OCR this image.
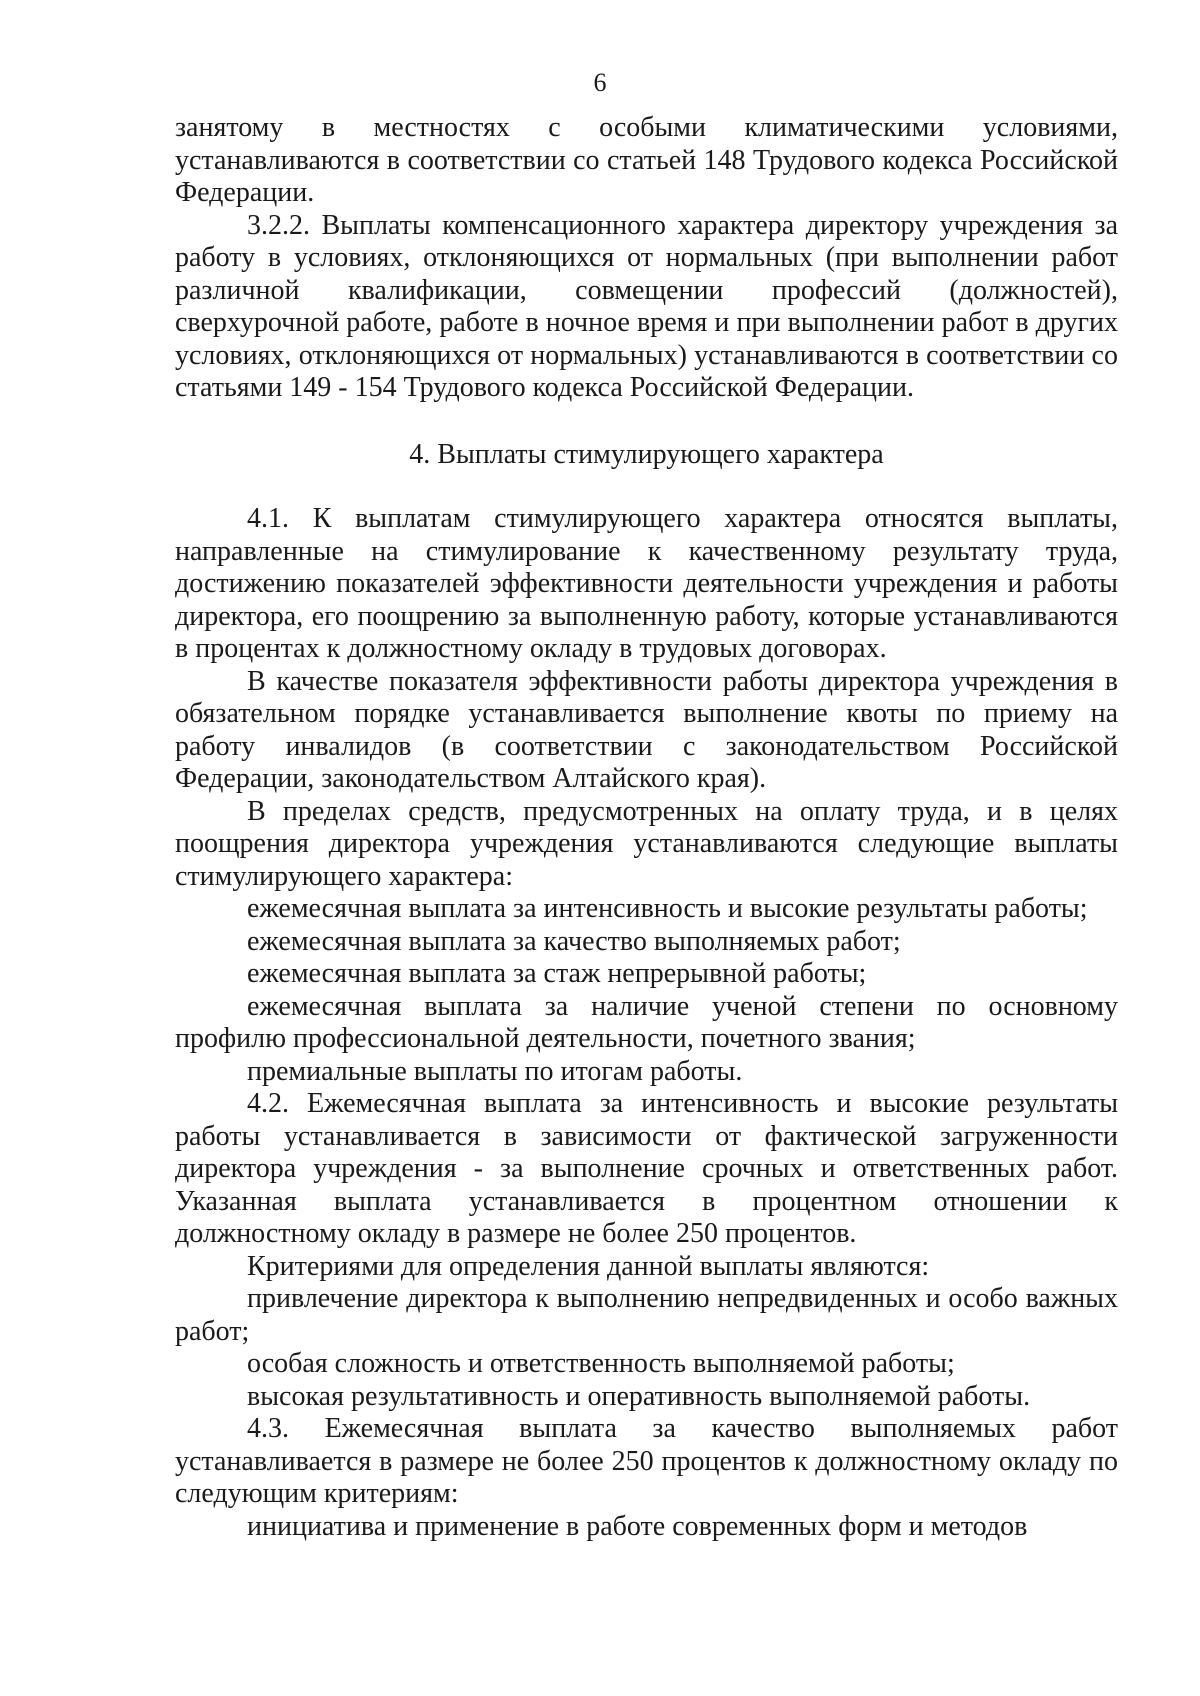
6

занятому в местностях с особыми климатическими условиями, устанавливаются в соответствии со статьей 148 Трудового кодекса Российской Федерации.

3.2.2. Выплаты компенсационного характера директору учреждения за работу в условиях, отклоняющихся от нормальных (при выполнении работ различной квалификации, совмещении профессий (должностей), сверхурочной работе, работе в ночное время и при выполнении работ в других условиях, отклоняющихся от нормальных) устанавливаются в соответствии со статьями 149 - 154 Трудового кодекса Российской Федерации.

4. Выплаты стимулирующего характера

4.1. К выплатам стимулирующего характера относятся выплаты, направленные на стимулирование к качественному результату труда, достижению показателей эффективности деятельности учреждения и работы директора, его поощрению за выполненную работу, которые устанавливаются в процентах к должностному окладу в трудовых договорах.

В качестве показателя эффективности работы директора учреждения в обязательном порядке устанавливается выполнение квоты по приему на работу инвалидов (в соответствии с законодательством Российской Федерации, законодательством Алтайского края).

В пределах средств, предусмотренных на оплату труда, и в целях поощрения директора учреждения устанавливаются следующие выплаты стимулирующего характера:

ежемесячная выплата за интенсивность и высокие результаты работы;

ежемесячная выплата за качество выполняемых работ;

ежемесячная выплата за стаж непрерывной работы;

ежемесячная выплата за наличие ученой степени по основному профилю профессиональной деятельности, почетного звания;

премиальные выплаты по итогам работы.

4.2. Ежемесячная выплата за интенсивность и высокие результаты работы устанавливается в зависимости от фактической загруженности директора учреждения - за выполнение срочных и ответственных работ. Указанная выплата устанавливается в процентном отношении к должностному окладу в размере не более 250 процентов.

Критериями для определения данной выплаты являются:

привлечение директора к выполнению непредвиденных и особо важных работ;

особая сложность и ответственность выполняемой работы;

высокая результативность и оперативность выполняемой работы.

4.3. Ежемесячная выплата за качество выполняемых работ устанавливается в размере не более 250 процентов к должностному окладу по следующим критериям:

инициатива и применение в работе современных форм и методов
